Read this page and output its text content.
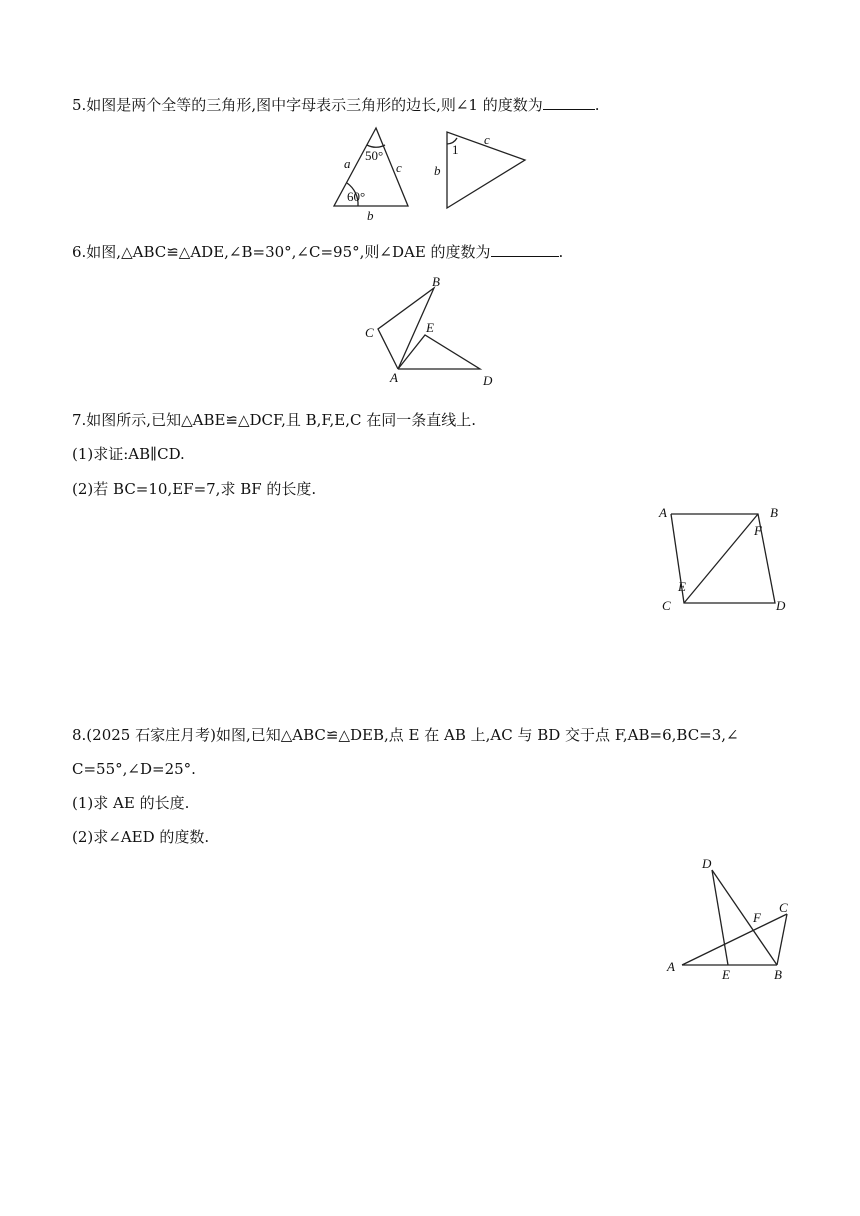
5.如图是两个全等的三角形,图中字母表示三角形的边长,则∠1 的度数为	.
50°
60°
a	c
b
1
c
b
6.如图,△ABC≌△ADE,∠B=30°,∠C=95°,则∠DAE 的度数为	.
B
C	E
A	D
7.如图所示,已知△ABE≌△DCF,且 B,F,E,C 在同一条直线上.
(1)求证:AB∥CD.
(2)若 BC=10,EF=7,求 BF 的长度.
A	B
F
E
C	D
8.(2025 石家庄月考)如图,已知△ABC≌△DEB,点 E 在 AB 上,AC 与 BD 交于点 F,AB=6,BC=3,∠
C=55°,∠D=25°.
(1)求 AE 的长度.
(2)求∠AED 的度数.
D
C
F
A
E	B
